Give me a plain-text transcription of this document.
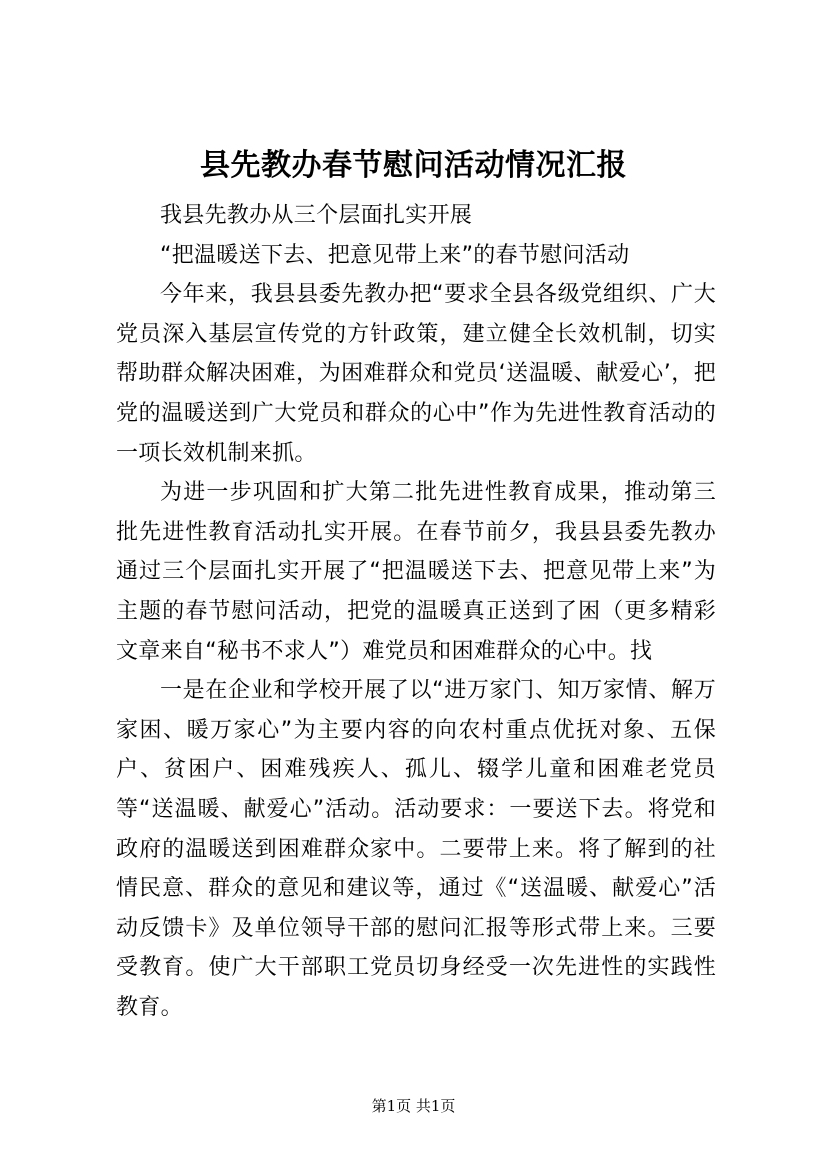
县先教办春节慰问活动情况汇报

我县先教办从三个层面扎实开展

“把温暖送下去、把意见带上来”的春节慰问活动

今年来，我县县委先教办把“要求全县各级党组织、广大党员深入基层宣传党的方针政策，建立健全长效机制，切实帮助群众解决困难，为困难群众和党员‘送温暖、献爱心’，把党的温暖送到广大党员和群众的心中”作为先进性教育活动的一项长效机制来抓。

为进一步巩固和扩大第二批先进性教育成果，推动第三批先进性教育活动扎实开展。在春节前夕，我县县委先教办通过三个层面扎实开展了“把温暖送下去、把意见带上来”为主题的春节慰问活动，把党的温暖真正送到了困（更多精彩文章来自“秘书不求人”）难党员和困难群众的心中。找

一是在企业和学校开展了以“进万家门、知万家情、解万家困、暖万家心”为主要内容的向农村重点优抚对象、五保户、贫困户、困难残疾人、孤儿、辍学儿童和困难老党员等“送温暖、献爱心”活动。活动要求：一要送下去。将党和政府的温暖送到困难群众家中。二要带上来。将了解到的社情民意、群众的意见和建议等，通过《“送温暖、献爱心”活动反馈卡》及单位领导干部的慰问汇报等形式带上来。三要受教育。使广大干部职工党员切身经受一次先进性的实践性教育。

第1页 共1页
